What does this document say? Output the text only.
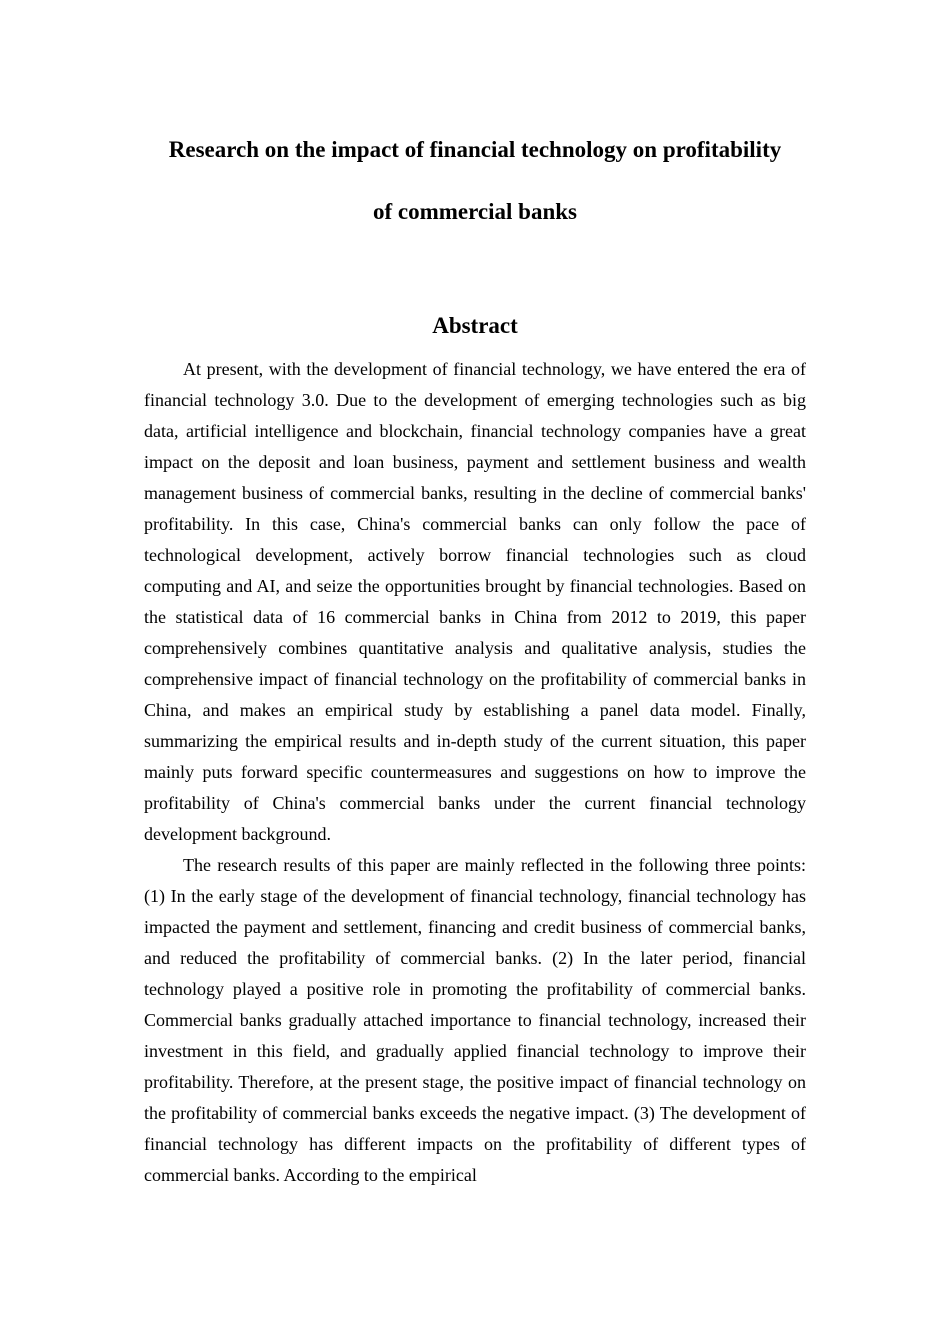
Research on the impact of financial technology on profitability
of commercial banks
Abstract

At present, with the development of financial technology, we have entered the era of financial technology 3.0. Due to the development of emerging technologies such as big data, artificial intelligence and blockchain, financial technology companies have a great impact on the deposit and loan business, payment and settlement business and wealth management business of commercial banks, resulting in the decline of commercial banks' profitability. In this case, China's commercial banks can only follow the pace of technological development, actively borrow financial technologies such as cloud computing and AI, and seize the opportunities brought by financial technologies. Based on the statistical data of 16 commercial banks in China from 2012 to 2019, this paper comprehensively combines quantitative analysis and qualitative analysis, studies the comprehensive impact of financial technology on the profitability of commercial banks in China, and makes an empirical study by establishing a panel data model. Finally, summarizing the empirical results and in-depth study of the current situation, this paper mainly puts forward specific countermeasures and suggestions on how to improve the profitability of China's commercial banks under the current financial technology development background.

The research results of this paper are mainly reflected in the following three points: (1) In the early stage of the development of financial technology, financial technology has impacted the payment and settlement, financing and credit business of commercial banks, and reduced the profitability of commercial banks. (2) In the later period, financial technology played a positive role in promoting the profitability of commercial banks. Commercial banks gradually attached importance to financial technology, increased their investment in this field, and gradually applied financial technology to improve their profitability. Therefore, at the present stage, the positive impact of financial technology on the profitability of commercial banks exceeds the negative impact. (3) The development of financial technology has different impacts on the profitability of different types of commercial banks. According to the empirical
